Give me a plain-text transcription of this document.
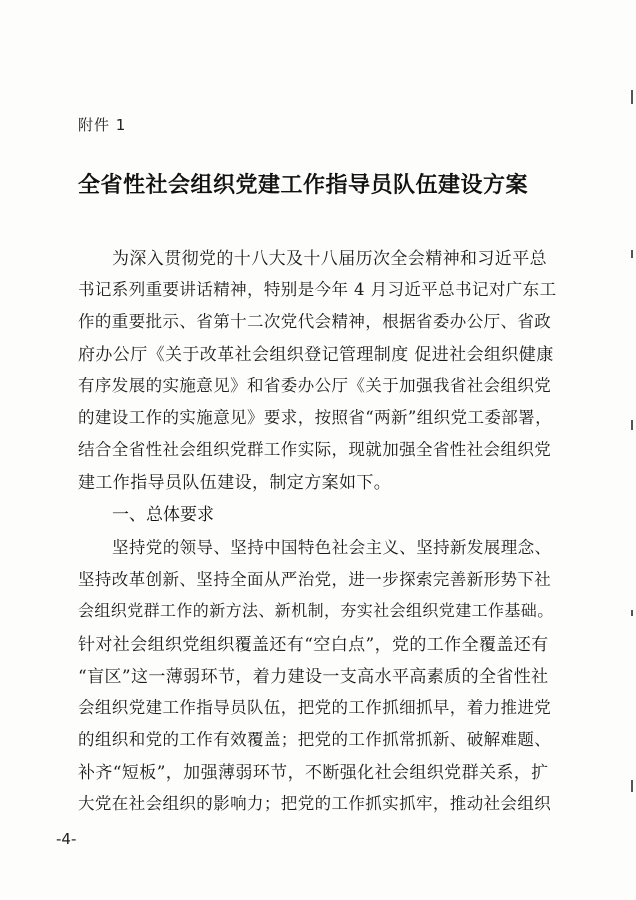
附件 1
全省性社会组织党建工作指导员队伍建设方案
为深入贯彻党的十八大及十八届历次全会精神和习近平总
书记系列重要讲话精神，特别是今年 4 月习近平总书记对广东工
作的重要批示、省第十二次党代会精神，根据省委办公厅、省政
府办公厅《关于改革社会组织登记管理制度 促进社会组织健康
有序发展的实施意见》和省委办公厅《关于加强我省社会组织党
的建设工作的实施意见》要求，按照省“两新”组织党工委部署，
结合全省性社会组织党群工作实际，现就加强全省性社会组织党
建工作指导员队伍建设，制定方案如下。
一、总体要求
坚持党的领导、坚持中国特色社会主义、坚持新发展理念、
坚持改革创新、坚持全面从严治党，进一步探索完善新形势下社
会组织党群工作的新方法、新机制，夯实社会组织党建工作基础。
针对社会组织党组织覆盖还有“空白点”，党的工作全覆盖还有
“盲区”这一薄弱环节，着力建设一支高水平高素质的全省性社
会组织党建工作指导员队伍，把党的工作抓细抓早，着力推进党
的组织和党的工作有效覆盖；把党的工作抓常抓新、破解难题、
补齐“短板”，加强薄弱环节，不断强化社会组织党群关系，扩
大党在社会组织的影响力；把党的工作抓实抓牢，推动社会组织
-4-
